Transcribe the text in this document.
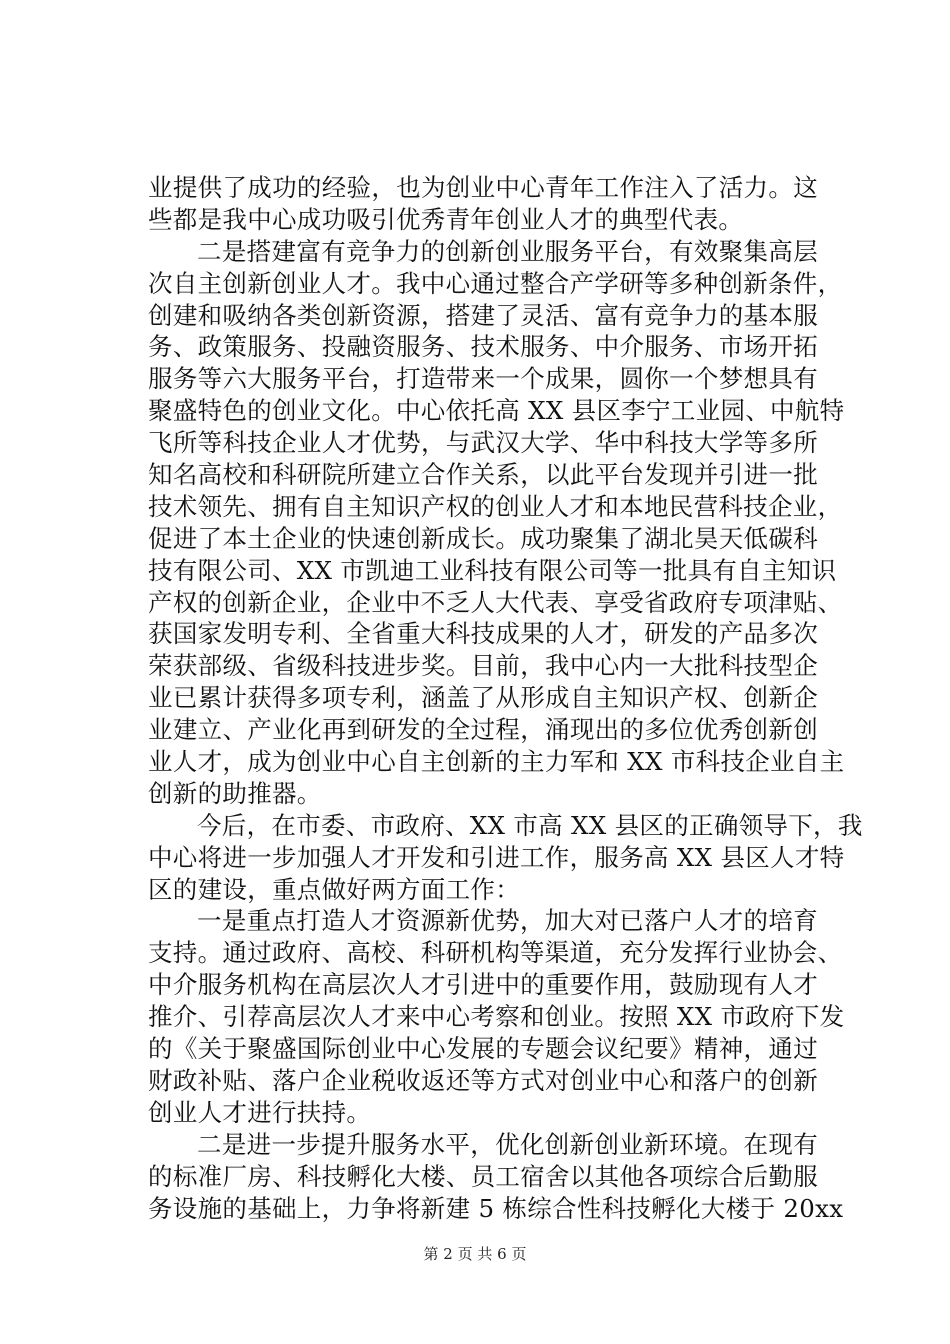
业提供了成功的经验，也为创业中心青年工作注入了活力。这
些都是我中心成功吸引优秀青年创业人才的典型代表。
二是搭建富有竞争力的创新创业服务平台，有效聚集高层
次自主创新创业人才。我中心通过整合产学研等多种创新条件，
创建和吸纳各类创新资源，搭建了灵活、富有竞争力的基本服
务、政策服务、投融资服务、技术服务、中介服务、市场开拓
服务等六大服务平台，打造带来一个成果，圆你一个梦想具有
聚盛特色的创业文化。中心依托高 XX 县区李宁工业园、中航特
飞所等科技企业人才优势，与武汉大学、华中科技大学等多所
知名高校和科研院所建立合作关系，以此平台发现并引进一批
技术领先、拥有自主知识产权的创业人才和本地民营科技企业，
促进了本土企业的快速创新成长。成功聚集了湖北昊天低碳科
技有限公司、XX 市凯迪工业科技有限公司等一批具有自主知识
产权的创新企业，企业中不乏人大代表、享受省政府专项津贴、
获国家发明专利、全省重大科技成果的人才，研发的产品多次
荣获部级、省级科技进步奖。目前，我中心内一大批科技型企
业已累计获得多项专利，涵盖了从形成自主知识产权、创新企
业建立、产业化再到研发的全过程，涌现出的多位优秀创新创
业人才，成为创业中心自主创新的主力军和 XX 市科技企业自主
创新的助推器。
今后，在市委、市政府、XX 市高 XX 县区的正确领导下，我
中心将进一步加强人才开发和引进工作，服务高 XX 县区人才特
区的建设，重点做好两方面工作：
一是重点打造人才资源新优势，加大对已落户人才的培育
支持。通过政府、高校、科研机构等渠道，充分发挥行业协会、
中介服务机构在高层次人才引进中的重要作用，鼓励现有人才
推介、引荐高层次人才来中心考察和创业。按照 XX 市政府下发
的《关于聚盛国际创业中心发展的专题会议纪要》精神，通过
财政补贴、落户企业税收返还等方式对创业中心和落户的创新
创业人才进行扶持。
二是进一步提升服务水平，优化创新创业新环境。在现有
的标准厂房、科技孵化大楼、员工宿舍以其他各项综合后勤服
务设施的基础上，力争将新建 5 栋综合性科技孵化大楼于 20xx
第 2 页 共 6 页
